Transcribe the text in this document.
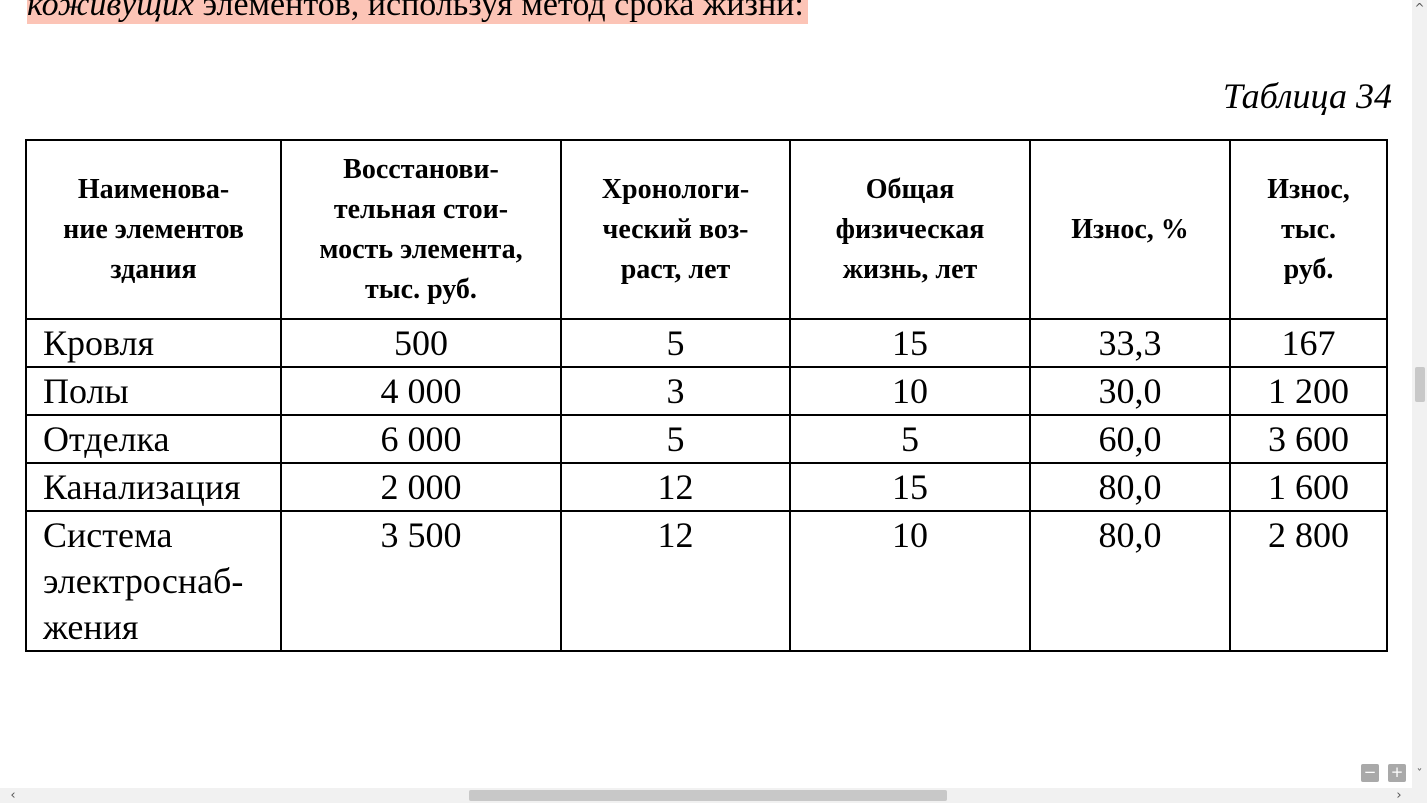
коживущих элементов, используя метод срока жизни:
Таблица 34
Наименова-
ние элементов
здания	Восстанови-
тельная стои-
мость элемента,
тыс. руб.	Хронологи-
ческий воз-
раст, лет	Общая
физическая
жизнь, лет	Износ, %	Износ,
тыс.
руб.
Кровля	500	5	15	33,3	167
Полы	4 000	3	10	30,0	1 200
Отделка	6 000	5	5	60,0	3 600
Канализация	2 000	12	15	80,0	1 600
Система
электроснаб-
жения	3 500	12	10	80,0	2 800
^
ˇ
‹	›
− +
